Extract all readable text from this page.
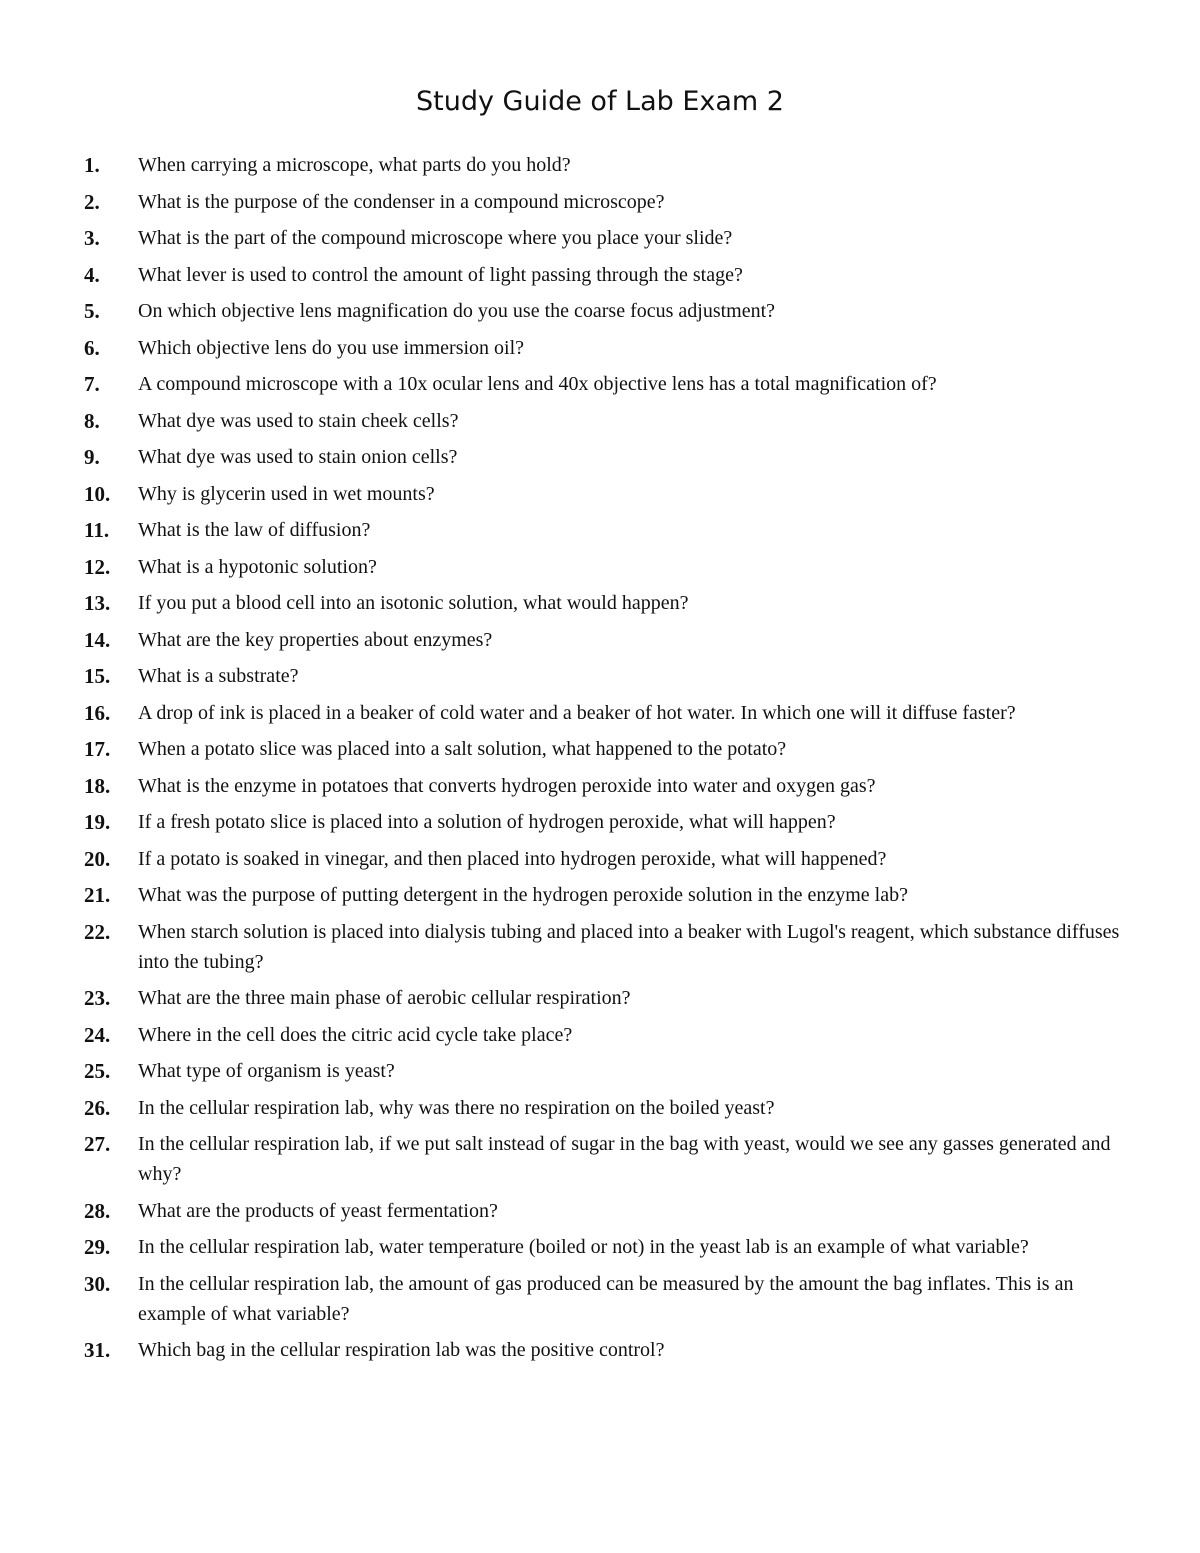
Study Guide of Lab Exam 2
1.	When carrying a microscope, what parts do you hold?
2.	What is the purpose of the condenser in a compound microscope?
3.	What is the part of the compound microscope where you place your slide?
4.	What lever is used to control the amount of light passing through the stage?
5.	On which objective lens magnification do you use the coarse focus adjustment?
6.	Which objective lens do you use immersion oil?
7.	A compound microscope with a 10x ocular lens and 40x objective lens has a total magnification of?
8.	What dye was used to stain cheek cells?
9.	What dye was used to stain onion cells?
10.	Why is glycerin used in wet mounts?
11.	What is the law of diffusion?
12.	What is a hypotonic solution?
13.	If you put a blood cell into an isotonic solution, what would happen?
14.	What are the key properties about enzymes?
15.	What is a substrate?
16.	A drop of ink is placed in a beaker of cold water and a beaker of hot water. In which one will it diffuse faster?
17.	When a potato slice was placed into a salt solution, what happened to the potato?
18.	What is the enzyme in potatoes that converts hydrogen peroxide into water and oxygen gas?
19.	If a fresh potato slice is placed into a solution of hydrogen peroxide, what will happen?
20.	If a potato is soaked in vinegar, and then placed into hydrogen peroxide, what will happened?
21.	What was the purpose of putting detergent in the hydrogen peroxide solution in the enzyme lab?
22.	When starch solution is placed into dialysis tubing and placed into a beaker with Lugol's reagent, which substance diffuses into the tubing?
23.	What are the three main phase of aerobic cellular respiration?
24.	Where in the cell does the citric acid cycle take place?
25.	What type of organism is yeast?
26.	In the cellular respiration lab, why was there no respiration on the boiled yeast?
27.	In the cellular respiration lab, if we put salt instead of sugar in the bag with yeast, would we see any gasses generated and why?
28.	What are the products of yeast fermentation?
29.	In the cellular respiration lab, water temperature (boiled or not) in the yeast lab is an example of what variable?
30.	In the cellular respiration lab, the amount of gas produced can be measured by the amount the bag inflates. This is an example of what variable?
31.	Which bag in the cellular respiration lab was the positive control?
